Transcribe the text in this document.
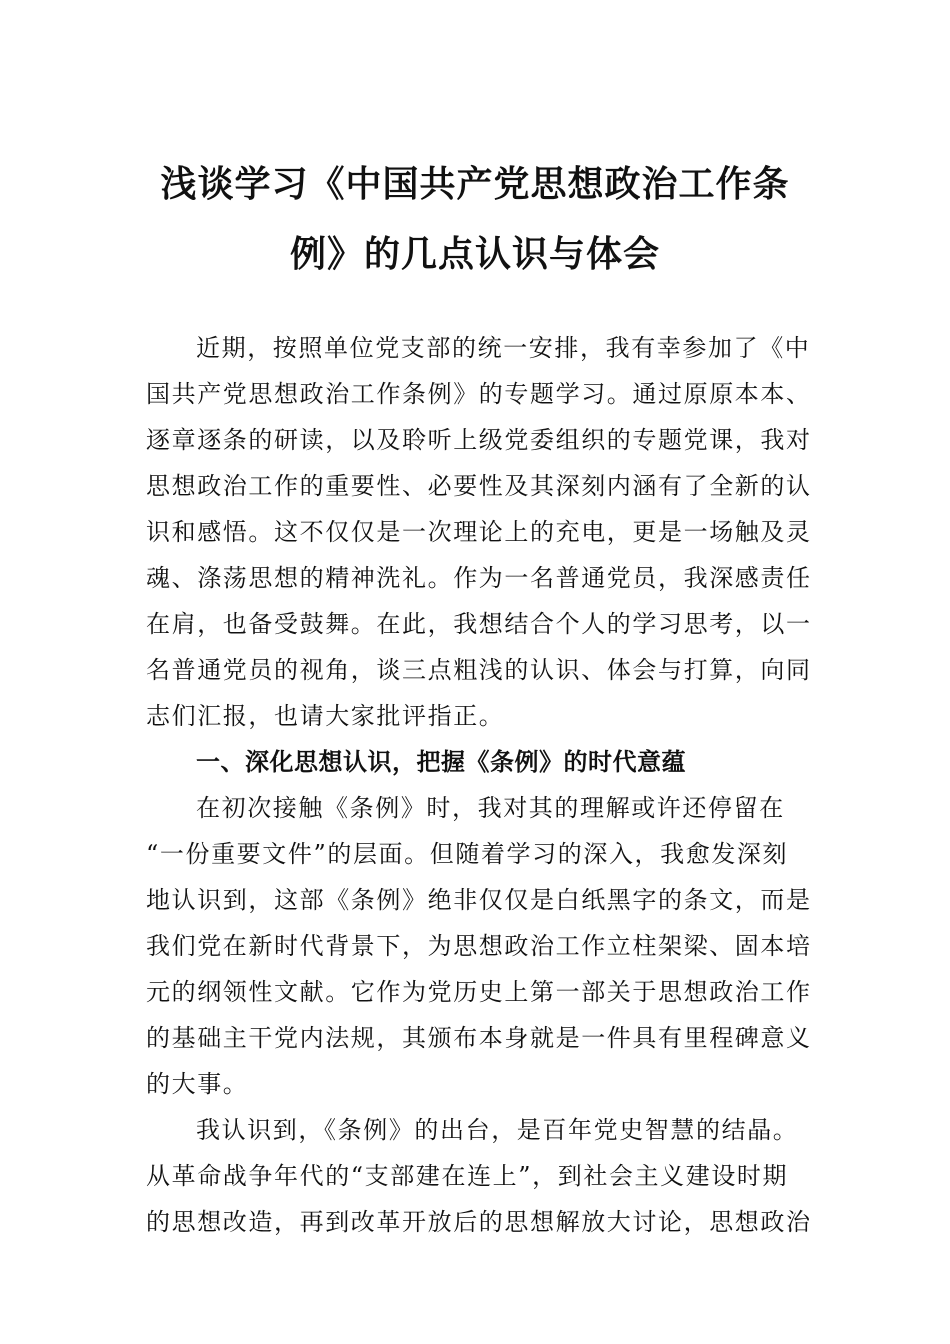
浅谈学习《中国共产党思想政治工作条
例》的几点认识与体会
近期，按照单位党支部的统一安排，我有幸参加了《中
国共产党思想政治工作条例》的专题学习。通过原原本本、
逐章逐条的研读，以及聆听上级党委组织的专题党课，我对
思想政治工作的重要性、必要性及其深刻内涵有了全新的认
识和感悟。这不仅仅是一次理论上的充电，更是一场触及灵
魂、涤荡思想的精神洗礼。作为一名普通党员，我深感责任
在肩，也备受鼓舞。在此，我想结合个人的学习思考，以一
名普通党员的视角，谈三点粗浅的认识、体会与打算，向同
志们汇报，也请大家批评指正。
一、深化思想认识，把握《条例》的时代意蕴
在初次接触《条例》时，我对其的理解或许还停留在
“一份重要文件”的层面。但随着学习的深入，我愈发深刻
地认识到，这部《条例》绝非仅仅是白纸黑字的条文，而是
我们党在新时代背景下，为思想政治工作立柱架梁、固本培
元的纲领性文献。它作为党历史上第一部关于思想政治工作
的基础主干党内法规，其颁布本身就是一件具有里程碑意义
的大事。
我认识到，《条例》的出台，是百年党史智慧的结晶。
从革命战争年代的“支部建在连上”，到社会主义建设时期
的思想改造，再到改革开放后的思想解放大讨论，思想政治
